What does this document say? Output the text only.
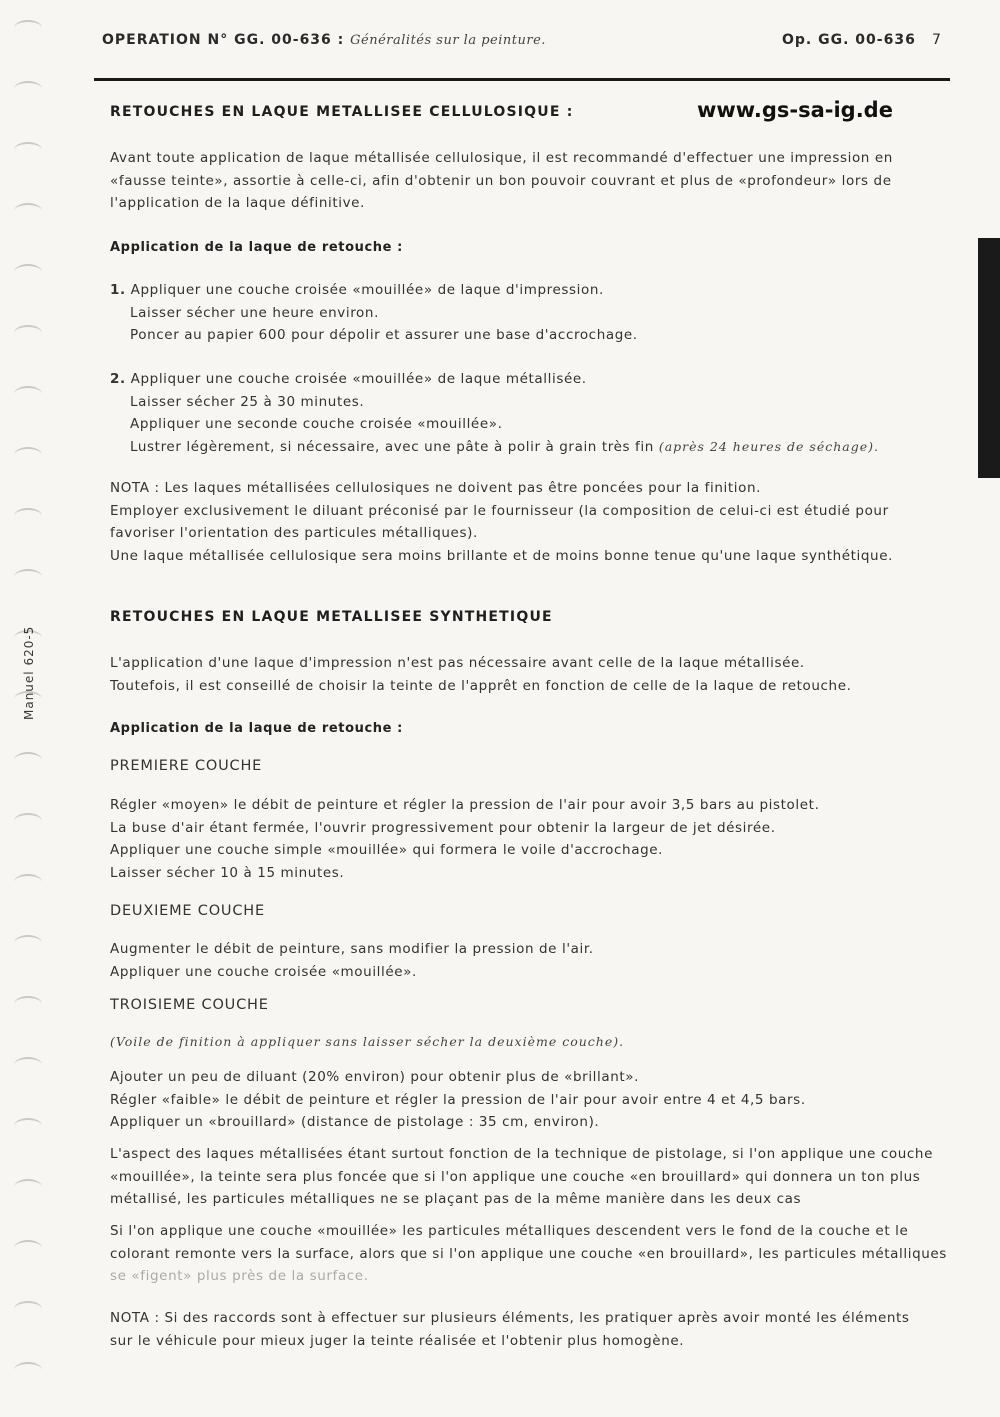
Manuel 620-5
OPERATION N° GG. 00-636 : Généralités sur la peinture.	Op. GG. 00-636 7
RETOUCHES EN LAQUE METALLISEE CELLULOSIQUE :	www.gs-sa-ig.de
Avant toute application de laque métallisée cellulosique, il est recommandé d'effectuer une impression en
«fausse teinte», assortie à celle-ci, afin d'obtenir un bon pouvoir couvrant et plus de «profondeur» lors de
l'application de la laque définitive.
Application de la laque de retouche :
1. Appliquer une couche croisée «mouillée» de laque d'impression.
Laisser sécher une heure environ.
Poncer au papier 600 pour dépolir et assurer une base d'accrochage.
2. Appliquer une couche croisée «mouillée» de laque métallisée.
Laisser sécher 25 à 30 minutes.
Appliquer une seconde couche croisée «mouillée».
Lustrer légèrement, si nécessaire, avec une pâte à polir à grain très fin (après 24 heures de séchage).
NOTA : Les laques métallisées cellulosiques ne doivent pas être poncées pour la finition.
Employer exclusivement le diluant préconisé par le fournisseur (la composition de celui-ci est étudié pour
favoriser l'orientation des particules métalliques).
Une laque métallisée cellulosique sera moins brillante et de moins bonne tenue qu'une laque synthétique.
RETOUCHES EN LAQUE METALLISEE SYNTHETIQUE
L'application d'une laque d'impression n'est pas nécessaire avant celle de la laque métallisée.
Toutefois, il est conseillé de choisir la teinte de l'apprêt en fonction de celle de la laque de retouche.
Application de la laque de retouche :
PREMIERE COUCHE
Régler «moyen» le débit de peinture et régler la pression de l'air pour avoir 3,5 bars au pistolet.
La buse d'air étant fermée, l'ouvrir progressivement pour obtenir la largeur de jet désirée.
Appliquer une couche simple «mouillée» qui formera le voile d'accrochage.
Laisser sécher 10 à 15 minutes.
DEUXIEME COUCHE
Augmenter le débit de peinture, sans modifier la pression de l'air.
Appliquer une couche croisée «mouillée».
TROISIEME COUCHE
(Voile de finition à appliquer sans laisser sécher la deuxième couche).
Ajouter un peu de diluant (20% environ) pour obtenir plus de «brillant».
Régler «faible» le débit de peinture et régler la pression de l'air pour avoir entre 4 et 4,5 bars.
Appliquer un «brouillard» (distance de pistolage : 35 cm, environ).
L'aspect des laques métallisées étant surtout fonction de la technique de pistolage, si l'on applique une couche
«mouillée», la teinte sera plus foncée que si l'on applique une couche «en brouillard» qui donnera un ton plus
métallisé, les particules métalliques ne se plaçant pas de la même manière dans les deux cas
Si l'on applique une couche «mouillée» les particules métalliques descendent vers le fond de la couche et le
colorant remonte vers la surface, alors que si l'on applique une couche «en brouillard», les particules métalliques
se «figent» plus près de la surface.
NOTA : Si des raccords sont à effectuer sur plusieurs éléments, les pratiquer après avoir monté les éléments
sur le véhicule pour mieux juger la teinte réalisée et l'obtenir plus homogène.
